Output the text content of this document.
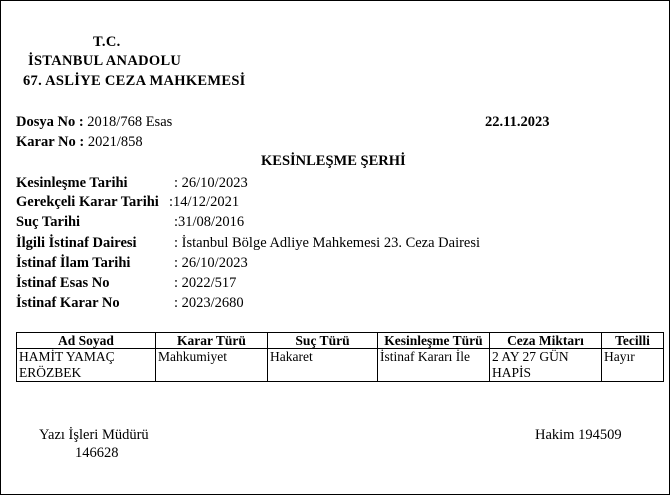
T.C.
İSTANBUL ANADOLU
67. ASLİYE CEZA MAHKEMESİ
Dosya No : 2018/768 Esas
Karar No : 2021/858
22.11.2023
KESİNLEŞME ŞERHİ
Kesinleşme Tarihi	: 26/10/2023
Gerekçeli Karar Tarihi :14/12/2021
Suç Tarihi	:31/08/2016
İlgili İstinaf Dairesi	: İstanbul Bölge Adliye Mahkemesi 23. Ceza Dairesi
İstinaf İlam Tarihi	: 26/10/2023
İstinaf Esas No	: 2022/517
İstinaf Karar No	: 2023/2680
Ad Soyad	Karar Türü	Suç Türü	Kesinleşme Türü	Ceza Miktarı	Tecilli
HAMİT YAMAÇ ERÖZBEK	Mahkumiyet	Hakaret	İstinaf Kararı İle	2 AY 27 GÜN HAPİS	Hayır
Yazı İşleri Müdürü
146628
Hakim 194509
